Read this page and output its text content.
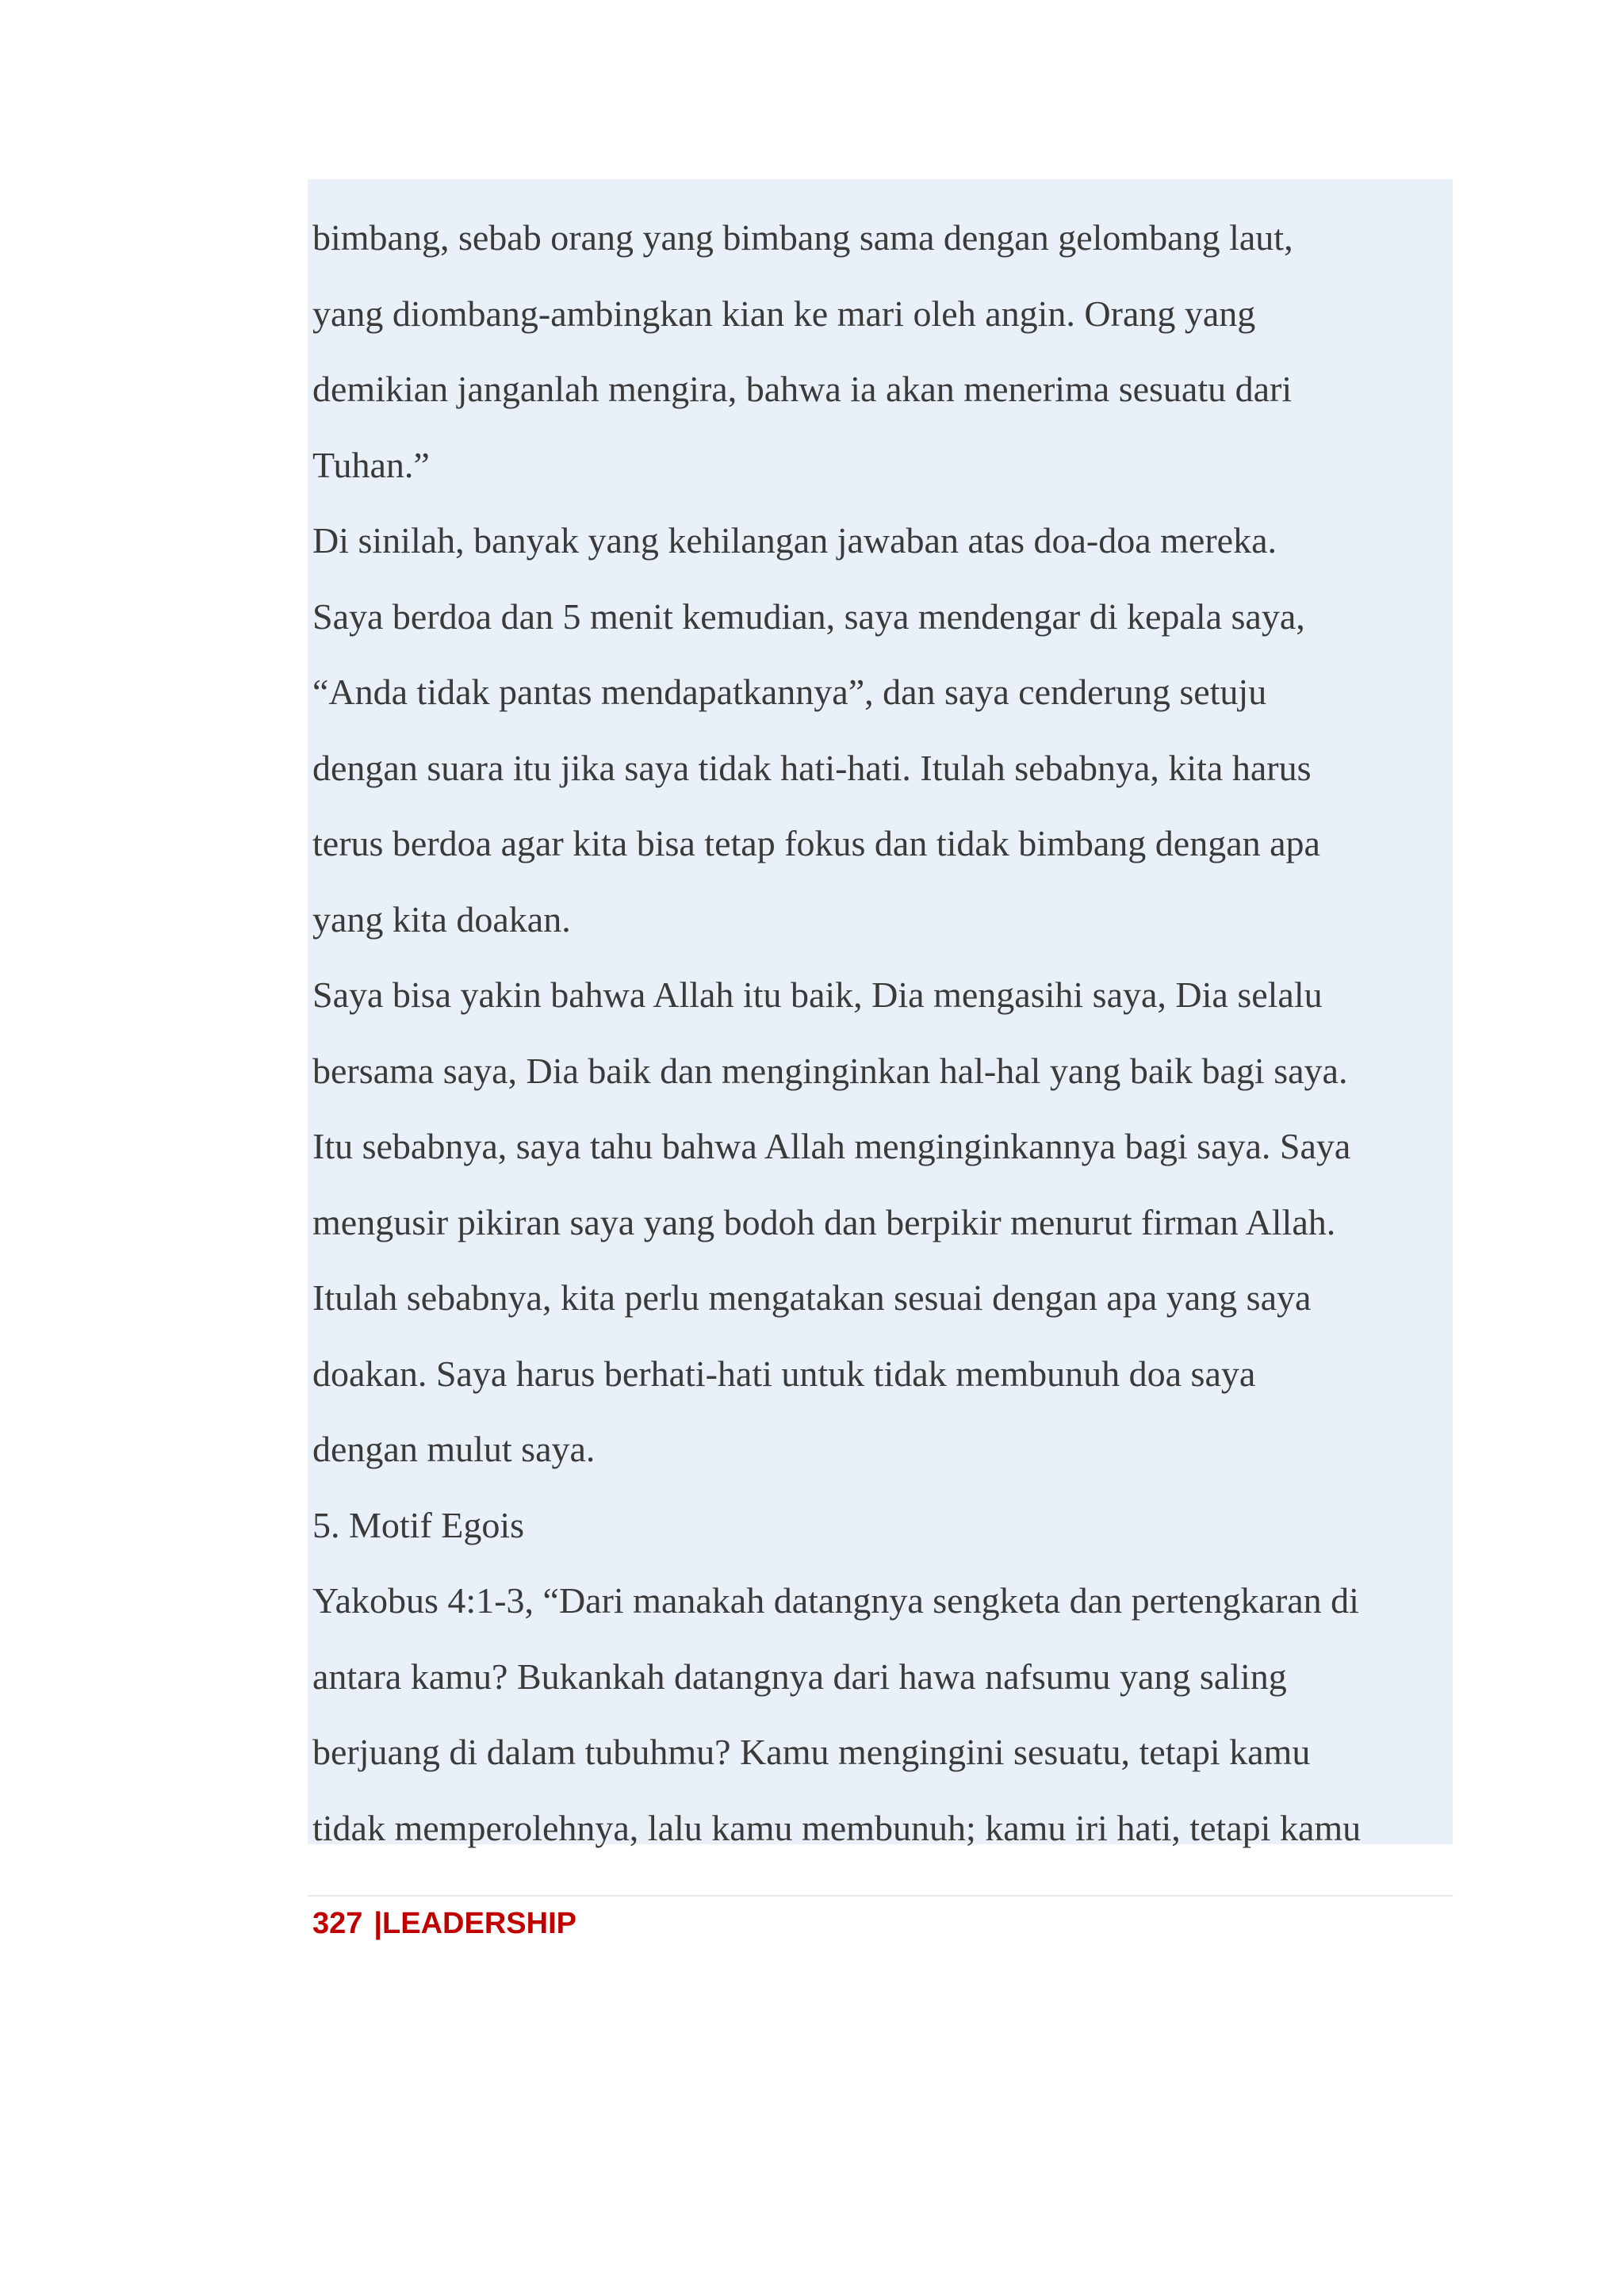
bimbang, sebab orang yang bimbang sama dengan gelombang laut,
yang diombang-ambingkan kian ke mari oleh angin. Orang yang
demikian janganlah mengira, bahwa ia akan menerima sesuatu dari
Tuhan.”
Di sinilah, banyak yang kehilangan jawaban atas doa-doa mereka.
Saya berdoa dan 5 menit kemudian, saya mendengar di kepala saya,
“Anda tidak pantas mendapatkannya”, dan saya cenderung setuju
dengan suara itu jika saya tidak hati-hati. Itulah sebabnya, kita harus
terus berdoa agar kita bisa tetap fokus dan tidak bimbang dengan apa
yang kita doakan.
Saya bisa yakin bahwa Allah itu baik, Dia mengasihi saya, Dia selalu
bersama saya, Dia baik dan menginginkan hal-hal yang baik bagi saya.
Itu sebabnya, saya tahu bahwa Allah menginginkannya bagi saya. Saya
mengusir pikiran saya yang bodoh dan berpikir menurut firman Allah.
Itulah sebabnya, kita perlu mengatakan sesuai dengan apa yang saya
doakan. Saya harus berhati-hati untuk tidak membunuh doa saya
dengan mulut saya.
5. Motif Egois
Yakobus 4:1-3, “Dari manakah datangnya sengketa dan pertengkaran di
antara kamu? Bukankah datangnya dari hawa nafsumu yang saling
berjuang di dalam tubuhmu? Kamu mengingini sesuatu, tetapi kamu
tidak memperolehnya, lalu kamu membunuh; kamu iri hati, tetapi kamu
327 |LEADERSHIP
